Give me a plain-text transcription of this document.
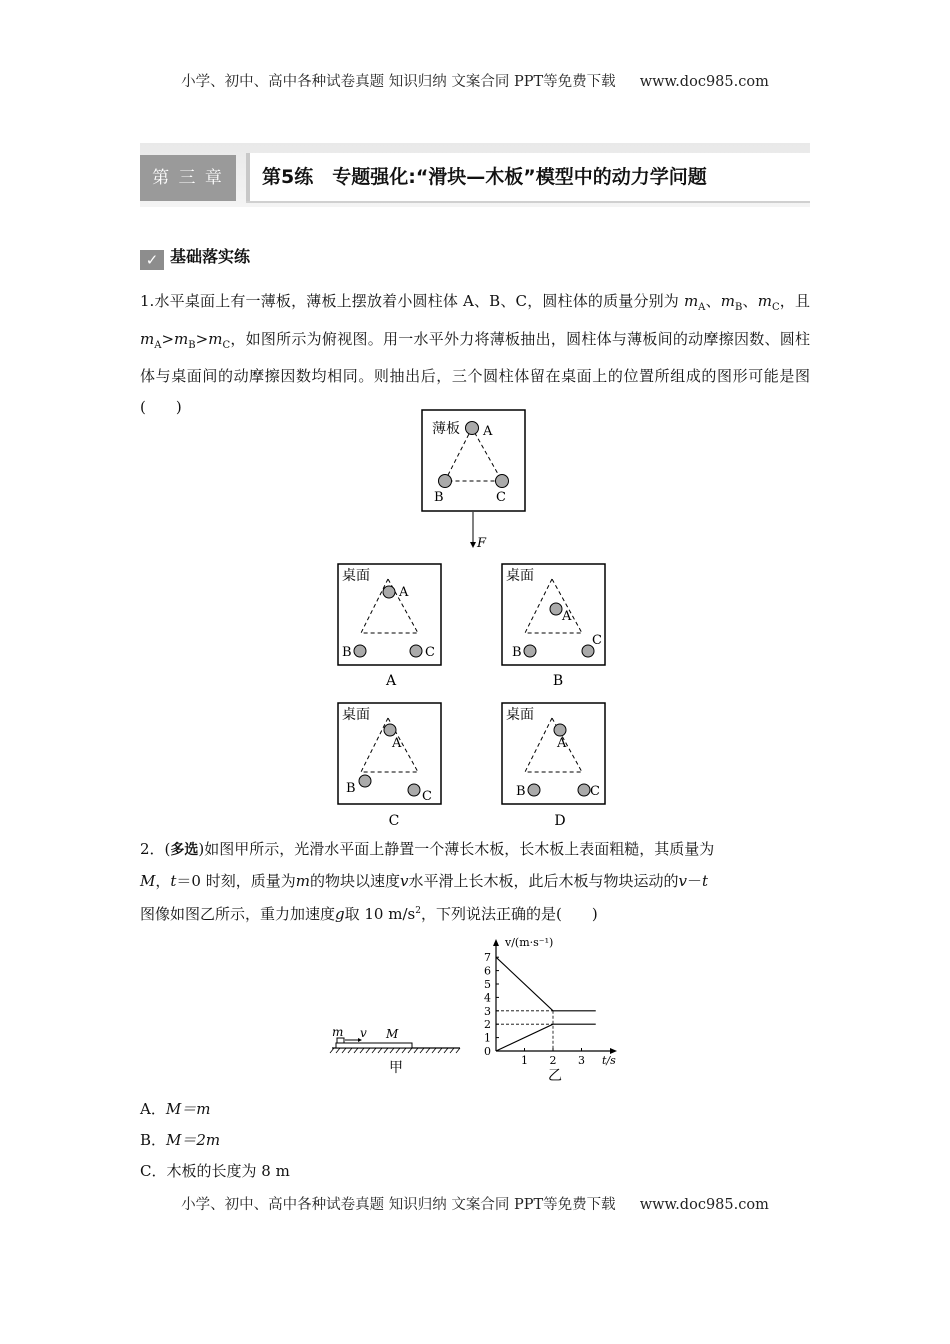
小学、初中、高中各种试卷真题 知识归纳 文案合同 PPT等免费下载 www.doc985.com
第 三 章	第5练　专题强化:“滑块—木板”模型中的动力学问题
✓ 基础落实练
1.水平桌面上有一薄板，薄板上摆放着小圆柱体 A、B、C，圆柱体的质量分别为 $m_A$、$m_B$、$m_C$，且 $m_A>m_B>m_C$，如图所示为俯视图。用一水平外力将薄板抽出，圆柱体与薄板间的动摩擦因数、圆柱体与桌面间的动摩擦因数均相同。则抽出后，三个圆柱体留在桌面上的位置所组成的图形可能是图(　　)
薄板 A
B	C
F
桌面
A
B	C
A
桌面
A
B
C
B
桌面
A
B
C
C
桌面
A
B	C
D
2．(多选)如图甲所示，光滑水平面上静置一个薄长木板，长木板上表面粗糙，其质量为
M，t＝0 时刻，质量为m的物块以速度v水平滑上长木板，此后木板与物块运动的v－t
图像如图乙所示，重力加速度g取 10 $m/s^2$，下列说法正确的是(　　)
m v M
甲
v/(m·s⁻¹)
t/s
0
1
2
3
4
5
6
7
1 2 3
乙
A．M＝m
B．M＝2m
C．木板的长度为 8 m
小学、初中、高中各种试卷真题 知识归纳 文案合同 PPT等免费下载 www.doc985.com
